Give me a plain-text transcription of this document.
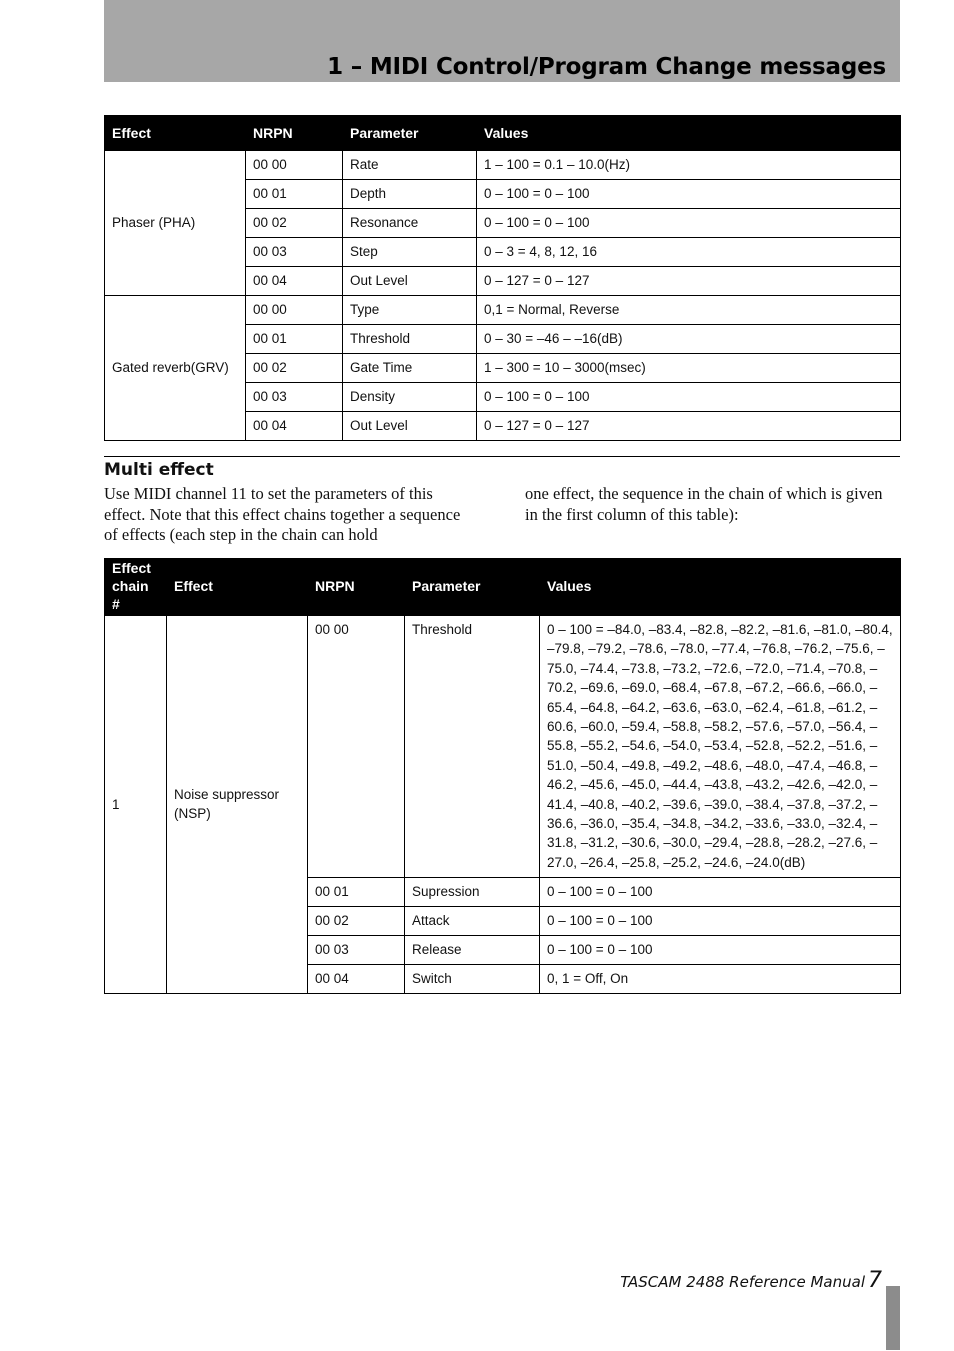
1 – MIDI Control/Program Change messages
Effect	NRPN	Parameter	Values
Phaser (PHA)	00 00	Rate	1 – 100 = 0.1 – 10.0(Hz)
	00 01	Depth	0 – 100 = 0 – 100
	00 02	Resonance	0 – 100 = 0 – 100
	00 03	Step	0 – 3 = 4, 8, 12, 16
	00 04	Out Level	0 – 127 = 0 – 127
Gated reverb(GRV)	00 00	Type	0,1 = Normal, Reverse
	00 01	Threshold	0 – 30 = –46 – –16(dB)
	00 02	Gate Time	1 – 300 = 10 – 3000(msec)
	00 03	Density	0 – 100 = 0 – 100
	00 04	Out Level	0 – 127 = 0 – 127
Multi effect

Use MIDI channel 11 to set the parameters of this effect. Note that this effect chains together a sequence of effects (each step in the chain can hold

one effect, the sequence in the chain of which is given in the first column of this table):

Effect chain #	Effect	NRPN	Parameter	Values
1	Noise suppressor (NSP)	00 00	Threshold	0 – 100 = –84.0, –83.4, –82.8, –82.2, –81.6, –81.0, –80.4, –79.8, –79.2, –78.6, –78.0, –77.4, –76.8, –76.2, –75.6, –75.0, –74.4, –73.8, –73.2, –72.6, –72.0, –71.4, –70.8, –70.2, –69.6, –69.0, –68.4, –67.8, –67.2, –66.6, –66.0, –65.4, –64.8, –64.2, –63.6, –63.0, –62.4, –61.8, –61.2, –60.6, –60.0, –59.4, –58.8, –58.2, –57.6, –57.0, –56.4, –55.8, –55.2, –54.6, –54.0, –53.4, –52.8, –52.2, –51.6, –51.0, –50.4, –49.8, –49.2, –48.6, –48.0, –47.4, –46.8, –46.2, –45.6, –45.0, –44.4, –43.8, –43.2, –42.6, –42.0, –41.4, –40.8, –40.2, –39.6, –39.0, –38.4, –37.8, –37.2, –36.6, –36.0, –35.4, –34.8, –34.2, –33.6, –33.0, –32.4, –31.8, –31.2, –30.6, –30.0, –29.4, –28.8, –28.2, –27.6, –27.0, –26.4, –25.8, –25.2, –24.6, –24.0(dB)
		00 01	Supression	0 – 100 = 0 – 100
		00 02	Attack	0 – 100 = 0 – 100
		00 03	Release	0 – 100 = 0 – 100
		00 04	Switch	0, 1 = Off, On

TASCAM 2488 Reference Manual 7
